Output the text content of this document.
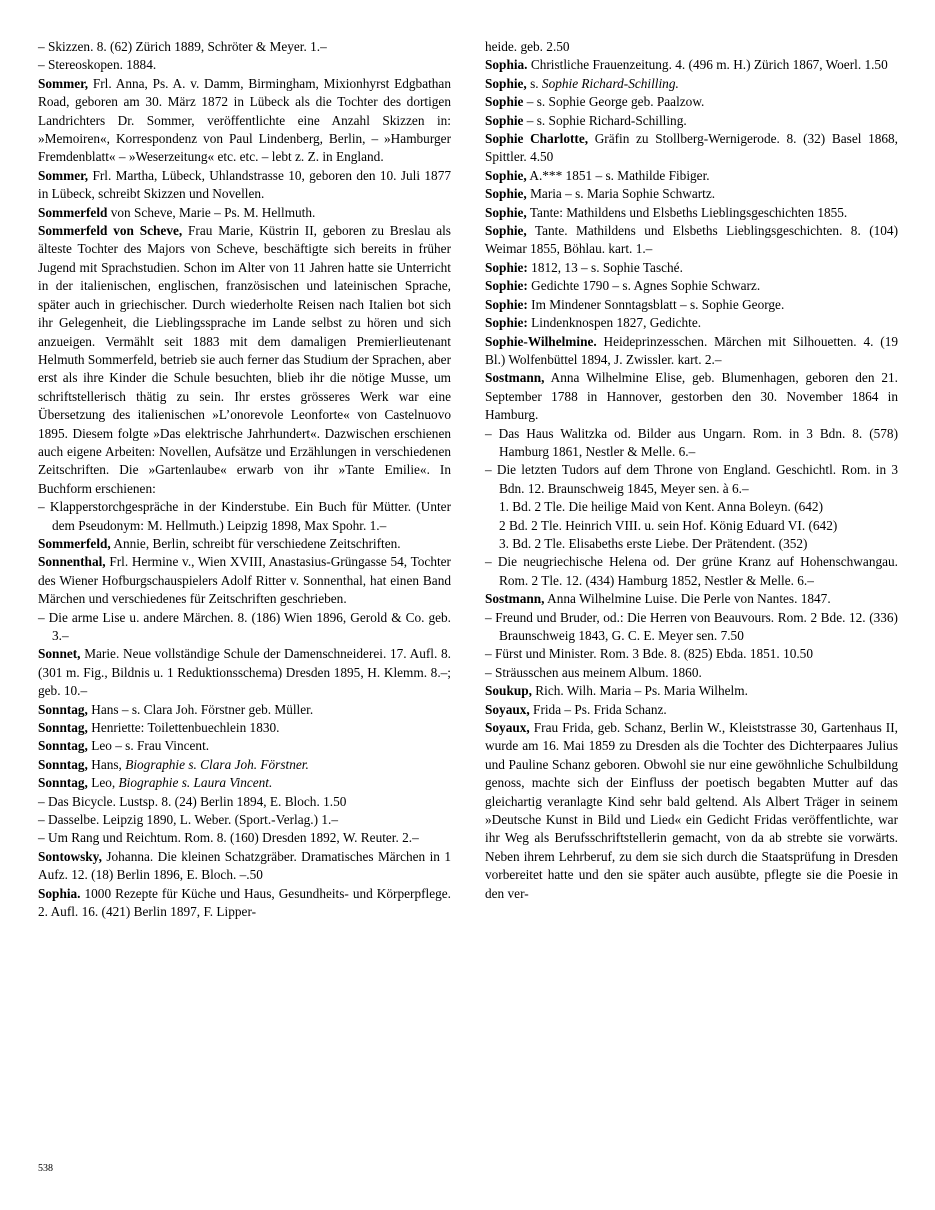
– Skizzen. 8. (62) Zürich 1889, Schröter & Meyer. 1.–

– Stereoskopen. 1884.

Sommer, Frl. Anna, Ps. A. v. Damm, Birmingham, Mixionhyrst Edgbathan Road, geboren am 30. März 1872 in Lübeck als die Tochter des dortigen Landrichters Dr. Sommer, veröffentlichte eine Anzahl Skizzen in: »Memoiren«, Korrespondenz von Paul Lindenberg, Berlin, – »Hamburger Fremdenblatt« – »Weserzeitung« etc. etc. – lebt z. Z. in England.

Sommer, Frl. Martha, Lübeck, Uhlandstrasse 10, geboren den 10. Juli 1877 in Lübeck, schreibt Skizzen und Novellen.

Sommerfeld von Scheve, Marie – Ps. M. Hellmuth.

Sommerfeld von Scheve, Frau Marie, Küstrin II, geboren zu Breslau als älteste Tochter des Majors von Scheve, beschäftigte sich bereits in früher Jugend mit Sprachstudien. Schon im Alter von 11 Jahren hatte sie Unterricht in der italienischen, englischen, französischen und lateinischen Sprache, später auch in griechischer. Durch wiederholte Reisen nach Italien bot sich ihr Gelegenheit, die Lieblingssprache im Lande selbst zu hören und sich anzueigen. Vermählt seit 1883 mit dem damaligen Premierlieutenant Helmuth Sommerfeld, betrieb sie auch ferner das Studium der Sprachen, aber erst als ihre Kinder die Schule besuchten, blieb ihr die nötige Musse, um schriftstellerisch thätig zu sein. Ihr erstes grösseres Werk war eine Übersetzung des italienischen »L’onorevole Leonforte« von Castelnuovo 1895. Diesem folgte »Das elektrische Jahrhundert«. Dazwischen erschienen auch eigene Arbeiten: Novellen, Aufsätze und Erzählungen in verschiedenen Zeitschriften. Die »Gartenlaube« erwarb von ihr »Tante Emilie«. In Buchform erschienen:

– Klapperstorchgespräche in der Kinderstube. Ein Buch für Mütter. (Unter dem Pseudonym: M. Hellmuth.) Leipzig 1898, Max Spohr. 1.–

Sommerfeld, Annie, Berlin, schreibt für verschiedene Zeitschriften.

Sonnenthal, Frl. Hermine v., Wien XVIII, Anastasius-Grüngasse 54, Tochter des Wiener Hofburgschauspielers Adolf Ritter v. Sonnenthal, hat einen Band Märchen und verschiedenes für Zeitschriften geschrieben.

– Die arme Lise u. andere Märchen. 8. (186) Wien 1896, Gerold & Co. geb. 3.–

Sonnet, Marie. Neue vollständige Schule der Damenschneiderei. 17. Aufl. 8. (301 m. Fig., Bildnis u. 1 Reduktionsschema) Dresden 1895, H. Klemm. 8.–; geb. 10.–

Sonntag, Hans – s. Clara Joh. Förstner geb. Müller.

Sonntag, Henriette: Toilettenbuechlein 1830.

Sonntag, Leo – s. Frau Vincent.

Sonntag, Hans, Biographie s. Clara Joh. Förstner.

Sonntag, Leo, Biographie s. Laura Vincent.

– Das Bicycle. Lustsp. 8. (24) Berlin 1894, E. Bloch. 1.50

– Dasselbe. Leipzig 1890, L. Weber. (Sport.-Verlag.) 1.–

– Um Rang und Reichtum. Rom. 8. (160) Dresden 1892, W. Reuter. 2.–

Sontowsky, Johanna. Die kleinen Schatzgräber. Dramatisches Märchen in 1 Aufz. 12. (18) Berlin 1896, E. Bloch. –.50

Sophia. 1000 Rezepte für Küche und Haus, Gesundheits- und Körperpflege. 2. Aufl. 16. (421) Berlin 1897, F. Lipper-

heide. geb. 2.50

Sophia. Christliche Frauenzeitung. 4. (496 m. H.) Zürich 1867, Woerl. 1.50

Sophie, s. Sophie Richard-Schilling.

Sophie – s. Sophie George geb. Paalzow.

Sophie – s. Sophie Richard-Schilling.

Sophie Charlotte, Gräfin zu Stollberg-Wernigerode. 8. (32) Basel 1868, Spittler. 4.50

Sophie, A.*** 1851 – s. Mathilde Fibiger.

Sophie, Maria – s. Maria Sophie Schwartz.

Sophie, Tante: Mathildens und Elsbeths Lieblingsgeschichten 1855.

Sophie, Tante. Mathildens und Elsbeths Lieblingsgeschichten. 8. (104) Weimar 1855, Böhlau. kart. 1.–

Sophie: 1812, 13 – s. Sophie Tasché.

Sophie: Gedichte 1790 – s. Agnes Sophie Schwarz.

Sophie: Im Mindener Sonntagsblatt – s. Sophie George.

Sophie: Lindenknospen 1827, Gedichte.

Sophie-Wilhelmine. Heideprinzesschen. Märchen mit Silhouetten. 4. (19 Bl.) Wolfenbüttel 1894, J. Zwissler. kart. 2.–

Sostmann, Anna Wilhelmine Elise, geb. Blumenhagen, geboren den 21. September 1788 in Hannover, gestorben den 30. November 1864 in Hamburg.

– Das Haus Walitzka od. Bilder aus Ungarn. Rom. in 3 Bdn. 8. (578) Hamburg 1861, Nestler & Melle. 6.–

– Die letzten Tudors auf dem Throne von England. Geschichtl. Rom. in 3 Bdn. 12. Braunschweig 1845, Meyer sen. à 6.–

1. Bd. 2 Tle. Die heilige Maid von Kent. Anna Boleyn. (642)

2 Bd. 2 Tle. Heinrich VIII. u. sein Hof. König Eduard VI. (642)

3. Bd. 2 Tle. Elisabeths erste Liebe. Der Prätendent. (352)

– Die neugriechische Helena od. Der grüne Kranz auf Hohenschwangau. Rom. 2 Tle. 12. (434) Hamburg 1852, Nestler & Melle. 6.–

Sostmann, Anna Wilhelmine Luise. Die Perle von Nantes. 1847.

– Freund und Bruder, od.: Die Herren von Beauvours. Rom. 2 Bde. 12. (336) Braunschweig 1843, G. C. E. Meyer sen. 7.50

– Fürst und Minister. Rom. 3 Bde. 8. (825) Ebda. 1851. 10.50

– Sträusschen aus meinem Album. 1860.

Soukup, Rich. Wilh. Maria – Ps. Maria Wilhelm.

Soyaux, Frida – Ps. Frida Schanz.

Soyaux, Frau Frida, geb. Schanz, Berlin W., Kleiststrasse 30, Gartenhaus II, wurde am 16. Mai 1859 zu Dresden als die Tochter des Dichterpaares Julius und Pauline Schanz geboren. Obwohl sie nur eine gewöhnliche Schulbildung genoss, machte sich der Einfluss der poetisch begabten Mutter auf das gleichartig veranlagte Kind sehr bald geltend. Als Albert Träger in seinem »Deutsche Kunst in Bild und Lied« ein Gedicht Fridas veröffentlichte, war ihr Weg als Berufsschriftstellerin gemacht, von da ab strebte sie vorwärts. Neben ihrem Lehrberuf, zu dem sie sich durch die Staatsprüfung in Dresden vorbereitet hatte und den sie später auch ausübte, pflegte sie die Poesie in den ver-

538
